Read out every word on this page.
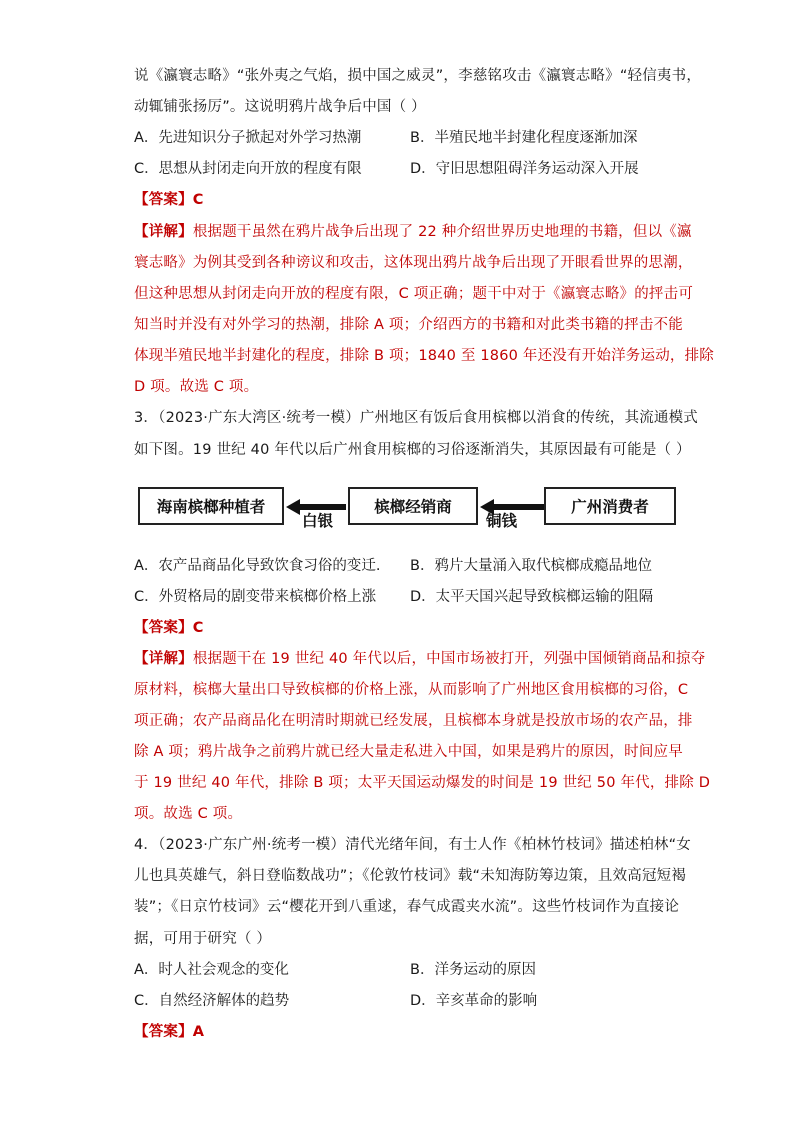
说《瀛寰志略》“张外夷之气焰，损中国之威灵”，李慈铭攻击《瀛寰志略》“轻信夷书，
动辄铺张扬厉”。这说明鸦片战争后中国（ ）
A．先进知识分子掀起对外学习热潮	B．半殖民地半封建化程度逐渐加深
C．思想从封闭走向开放的程度有限	D．守旧思想阻碍洋务运动深入开展
【答案】C
【详解】根据题干虽然在鸦片战争后出现了 22 种介绍世界历史地理的书籍，但以《瀛
寰志略》为例其受到各种谤议和攻击，这体现出鸦片战争后出现了开眼看世界的思潮，
但这种思想从封闭走向开放的程度有限，C 项正确；题干中对于《瀛寰志略》的抨击可
知当时并没有对外学习的热潮，排除 A 项；介绍西方的书籍和对此类书籍的抨击不能
体现半殖民地半封建化的程度，排除 B 项；1840 至 1860 年还没有开始洋务运动，排除
D 项。故选 C 项。
3．（2023·广东大湾区·统考一模）广州地区有饭后食用槟榔以消食的传统，其流通模式
如下图。19 世纪 40 年代以后广州食用槟榔的习俗逐渐消失，其原因最有可能是（ ）
海南槟榔种植者
白银
槟榔经销商
铜钱
广州消费者
A．农产品商品化导致饮食习俗的变迁. B．鸦片大量涌入取代槟榔成瘾品地位
C．外贸格局的剧变带来槟榔价格上涨 D．太平天国兴起导致槟榔运输的阻隔
【答案】C
【详解】根据题干在 19 世纪 40 年代以后，中国市场被打开，列强中国倾销商品和掠夺
原材料，槟榔大量出口导致槟榔的价格上涨，从而影响了广州地区食用槟榔的习俗，C
项正确；农产品商品化在明清时期就已经发展，且槟榔本身就是投放市场的农产品，排
除 A 项；鸦片战争之前鸦片就已经大量走私进入中国，如果是鸦片的原因，时间应早
于 19 世纪 40 年代，排除 B 项；太平天国运动爆发的时间是 19 世纪 50 年代，排除 D
项。故选 C 项。
4．（2023·广东广州·统考一模）清代光绪年间，有士人作《柏林竹枝词》描述柏林“女
儿也具英雄气，斜日登临数战功”；《伦敦竹枝词》载“未知海防筹边策，且效高冠短褐
装”；《日京竹枝词》云“樱花开到八重逑，春气成霞夹水流”。这些竹枝词作为直接论
据，可用于研究（ ）
A．时人社会观念的变化	B．洋务运动的原因
C．自然经济解体的趋势	D．辛亥革命的影响
【答案】A
